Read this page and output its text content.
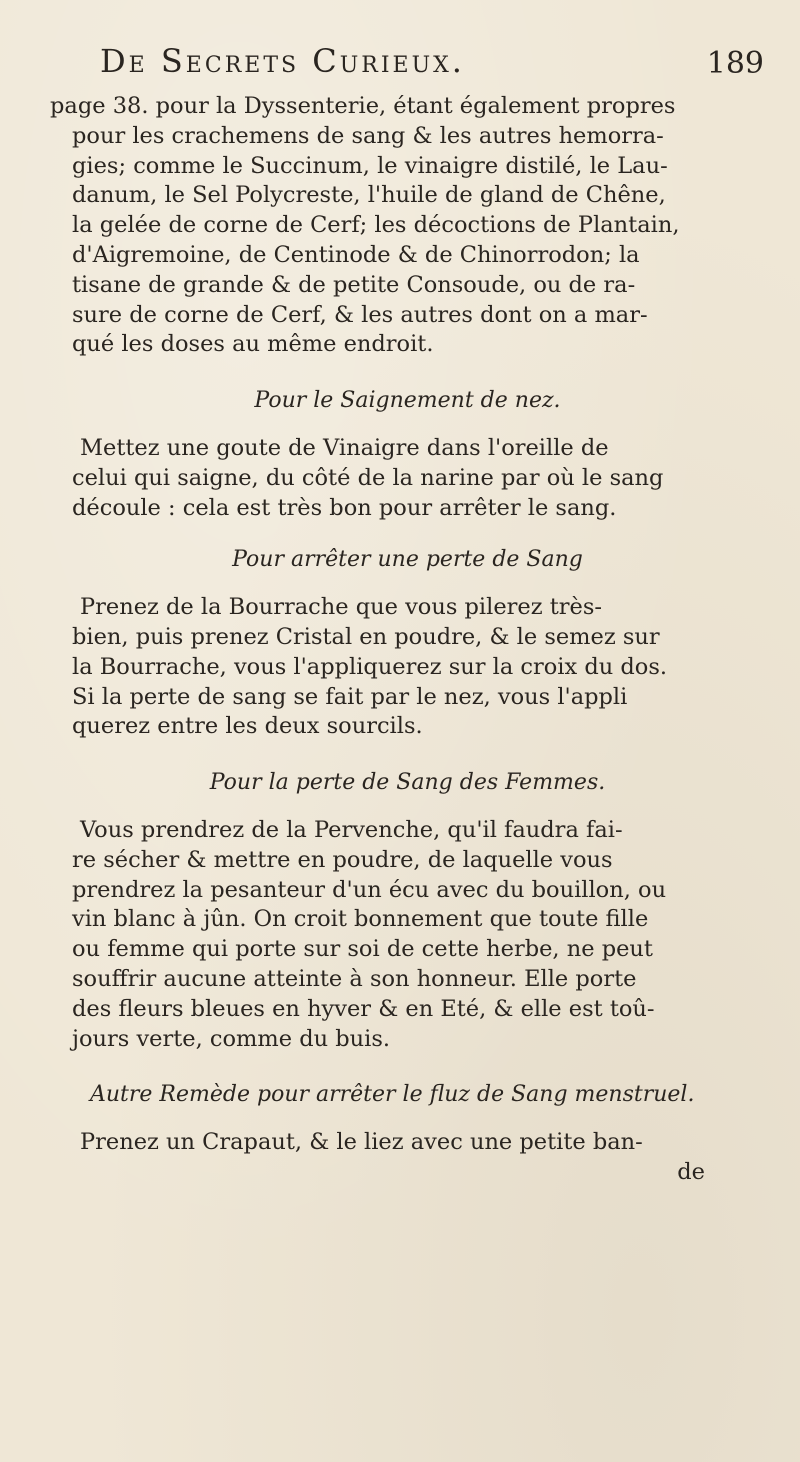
De Secrets Curieux.	189
page 38. pour la Dyssenterie, étant également propres
pour les crachemens de sang & les autres hemorra-
gies; comme le Succinum, le vinaigre distilé, le Lau-
danum, le Sel Polycreste, l'huile de gland de Chêne,
la gelée de corne de Cerf; les décoctions de Plantain,
d'Aigremoine, de Centinode & de Chinorrodon; la
tisane de grande & de petite Consoude, ou de ra-
sure de corne de Cerf, & les autres dont on a mar-
qué les doses au même endroit.
Pour le Saignement de nez.
Mettez une goute de Vinaigre dans l'oreille de
celui qui saigne, du côté de la narine par où le sang
découle : cela est très bon pour arrêter le sang.
Pour arrêter une perte de Sang
Prenez de la Bourrache que vous pilerez très-
bien, puis prenez Cristal en poudre, & le semez sur
la Bourrache, vous l'appliquerez sur la croix du dos.
Si la perte de sang se fait par le nez, vous l'appli
querez entre les deux sourcils.
Pour la perte de Sang des Femmes.
Vous prendrez de la Pervenche, qu'il faudra fai-
re sécher & mettre en poudre, de laquelle vous
prendrez la pesanteur d'un écu avec du bouillon, ou
vin blanc à jûn. On croit bonnement que toute fille
ou femme qui porte sur soi de cette herbe, ne peut
souffrir aucune atteinte à son honneur. Elle porte
des fleurs bleues en hyver & en Eté, & elle est toû-
jours verte, comme du buis.
Autre Remède pour arrêter le fluz de Sang menstruel.
Prenez un Crapaut, & le liez avec une petite ban-
de
